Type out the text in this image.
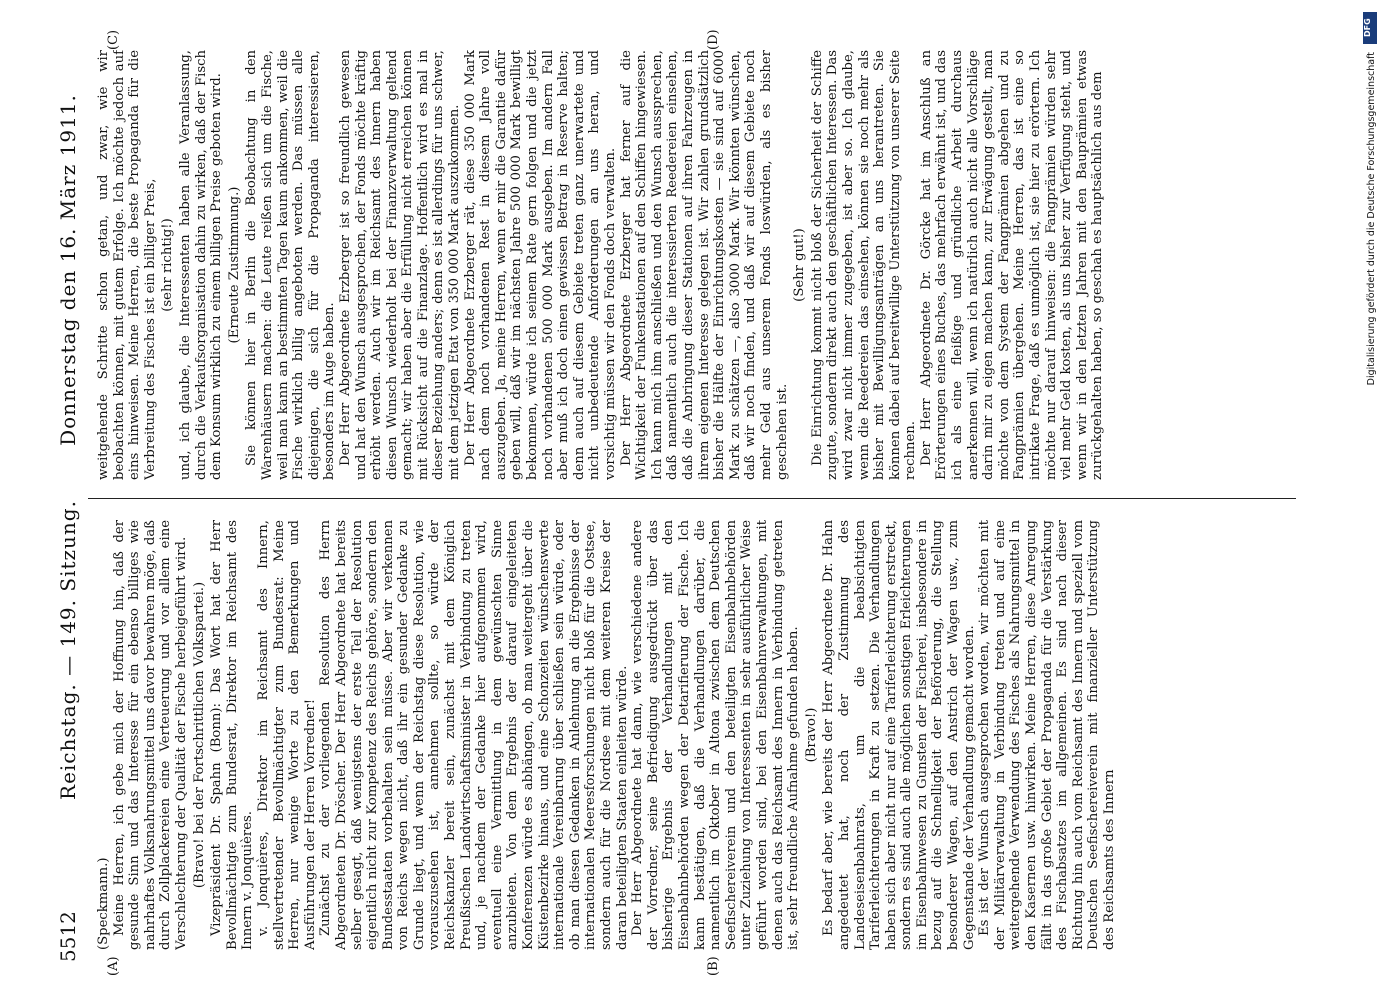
5512
Reichstag. — 149. Sitzung.
Donnerstag den 16. März 1911.

(Speckmann.) Meine Herren, ich gebe mich der Hoffnung hin, daß der gesunde Sinn und das Interesse für ein ebenso billiges wie nahrhaftes Volksnahrungsmittel uns davor bewahren möge, daß durch Zollplackereien eine Verteuerung und vor allem eine Verschlechterung der Qualität der Fische herbeigeführt wird. (Bravo! bei der Fortschrittlichen Volkspartei.) Vizepräsident Dr. Spahn (Bonn): Das Wort hat der Herr Bevollmächtigte zum Bundesrat, Direktor im Reichsamt des Innern v. Jonquières. v. Jonquières, Direktor im Reichsamt des Innern, stellvertretender Bevollmächtigter zum Bundesrat: Meine Herren, nur wenige Worte zu den Bemerkungen und Ausführungen der Herren Vorredner! Zunächst zu der vorliegenden Resolution des Herrn Abgeordneten Dr. Dröscher. Der Herr Abgeordnete hat bereits selber gesagt, daß wenigstens der erste Teil der Resolution eigentlich nicht zur Kompetenz des Reichs gehöre, sondern den Bundesstaaten vorbehalten sein müsse. Aber wir verkennen von Reichs wegen nicht, daß ihr ein gesunder Gedanke zu Grunde liegt, und wenn der Reichstag diese Resolution, wie vorauszusehen ist, annehmen sollte, so würde der Reichskanzler bereit sein, zunächst mit dem Königlich Preußischen Landwirtschaftsminister in Verbindung zu treten und, je nachdem der Gedanke hier aufgenommen wird, eventuell eine Vermittlung in dem gewünschten Sinne anzubieten. Von dem Ergebnis der darauf eingeleiteten Konferenzen würde es abhängen, ob man weitergeht über die Küstenbezirke hinaus, und eine Schonzeiten wünschenswerte internationale Vereinbarung über schließen sein würde, oder ob man diesen Gedanken in Anlehnung an die Ergebnisse der internationalen Meeresforschungen nicht bloß für die Ostsee, sondern auch für die Nordsee mit dem weiteren Kreise der daran beteiligten Staaten einleiten würde. Der Herr Abgeordnete hat dann, wie verschiedene andere der Vorredner, seine Befriedigung ausgedrückt über das bisherige Ergebnis der Verhandlungen mit den Eisenbahnbehörden wegen der Detarifierung der Fische. Ich kann bestätigen, daß die Verhandlungen darüber, die namentlich im Oktober in Altona zwischen dem Deutschen Seefischereiverein und den beteiligten Eisenbahnbehörden unter Zuziehung von Interessenten in sehr ausführlicher Weise geführt worden sind, bei den Eisenbahnverwaltungen, mit denen auch das Reichsamt des Innern in Verbindung getreten ist, sehr freundliche Aufnahme gefunden haben. (Bravo!) Es bedarf aber, wie bereits der Herr Abgeordnete Dr. Hahn angedeutet hat, noch der Zustimmung des Landeseisenbahnrats, um die beabsichtigten Tariferleichterungen in Kraft zu setzen. Die Verhandlungen haben sich aber nicht nur auf eine Tariferleichterung erstreckt, sondern es sind auch alle möglichen sonstigen Erleichterungen im Eisenbahnwesen zu Gunsten der Fischerei, insbesondere in bezug auf die Schnelligkeit der Beförderung, die Stellung besonderer Wagen, auf den Anstrich der Wagen usw., zum Gegenstande der Verhandlung gemacht worden. Es ist der Wunsch ausgesprochen worden, wir möchten mit der Militärverwaltung in Verbindung treten und auf eine weitergehende Verwendung des Fisches als Nahrungsmittel in den Kasernen usw. hinwirken. Meine Herren, diese Anregung fällt in das große Gebiet der Propaganda für die Verstärkung des Fischabsatzes im allgemeinen. Es sind nach dieser Richtung hin auch vom Reichsamt des Innern und speziell vom Deutschen Seefischereiverein mit finanzieller Unterstützung des Reichsamts des Innern

weitgehende Schritte schon getan, und zwar, wie wir beobachten können, mit gutem Erfolge. Ich möchte jedoch auf eins hinweisen. Meine Herren, die beste Propaganda für die Verbreitung des Fisches ist ein billiger Preis, (sehr richtig!) und, ich glaube, die Interessenten haben alle Veranlassung, durch die Verkaufsorganisation dahin zu wirken, daß der Fisch dem Konsum wirklich zu einem billigen Preise geboten wird. (Erneute Zustimmung.) Sie können hier in Berlin die Beobachtung in den Warenhäusern machen: die Leute reißen sich um die Fische, weil man kann an bestimmten Tagen kaum ankommen, weil die Fische wirklich billig angeboten werden. Das müssen alle diejenigen, die sich für die Propaganda interessieren, besonders im Auge haben. Der Herr Abgeordnete Erzberger ist so freundlich gewesen und hat den Wunsch ausgesprochen, der Fonds möchte kräftig erhöht werden. Auch wir im Reichsamt des Innern haben diesen Wunsch wiederholt bei der Finanzverwaltung geltend gemacht; wir haben aber die Erfüllung nicht erreichen können mit Rücksicht auf die Finanzlage. Hoffentlich wird es mal in dieser Beziehung anders; denn es ist allerdings für uns schwer, mit dem jetzigen Etat von 350 000 Mark auszukommen. Der Herr Abgeordnete Erzberger rät, diese 350 000 Mark nach dem noch vorhandenen Rest in diesem Jahre voll auszugeben. Ja, meine Herren, wenn er mir die Garantie dafür geben will, daß wir im nächsten Jahre 500 000 Mark bewilligt bekommen, würde ich seinem Rate gern folgen und die jetzt noch vorhandenen 500 000 Mark ausgeben. Im andern Fall aber muß ich doch einen gewissen Betrag in Reserve halten; denn auch auf diesem Gebiete treten ganz unerwartete und nicht unbedeutende Anforderungen an uns heran, und vorsichtig müssen wir den Fonds doch verwalten. Der Herr Abgeordnete Erzberger hat ferner auf die Wichtigkeit der Funkenstationen auf den Schiffen hingewiesen. Ich kann mich ihm anschließen und den Wunsch aussprechen, daß namentlich auch die interessierten Reedereien einsehen, daß die Anbringung dieser Stationen auf ihren Fahrzeugen in ihrem eigenen Interesse gelegen ist. Wir zahlen grundsätzlich bisher die Hälfte der Einrichtungskosten — sie sind auf 6000 Mark zu schätzen —, also 3000 Mark. Wir könnten wünschen, daß wir noch finden, und daß wir auf diesem Gebiete noch mehr Geld aus unserem Fonds loswürden, als es bisher geschehen ist.

(Sehr gut!) Die Einrichtung kommt nicht bloß der Sicherheit der Schiffe zugute, sondern direkt auch den geschäftlichen Interessen. Das wird zwar nicht immer zugegeben, ist aber so. Ich glaube, wenn die Reedereien das einsehen, können sie noch mehr als bisher mit Bewilligungsanträgen an uns herantreten. Sie können dabei auf bereitwillige Unterstützung von unserer Seite rechnen. Der Herr Abgeordnete Dr. Görcke hat im Anschluß an Erörterungen eines Buches, das mehrfach erwähnt ist, und das ich als eine fleißige und gründliche Arbeit durchaus anerkennen will, wenn ich natürlich auch nicht alle Vorschläge darin mir zu eigen machen kann, zur Erwägung gestellt, man möchte von dem System der Fangprämien abgehen und zu Fangprämien übergehen. Meine Herren, das ist eine so intrikate Frage, daß es unmöglich ist, sie hier zu erörtern. Ich möchte nur darauf hinweisen: die Fangprämien würden sehr viel mehr Geld kosten, als uns bisher zur Verfügung steht, und wenn wir in den letzten Jahren mit den Bauprämien etwas zurückgehalten haben, so geschah es hauptsächlich aus dem

(A)	(B)
(C)	(D)
DFG
Digitalisierung gefördert durch die Deutsche Forschungsgemeinschaft
